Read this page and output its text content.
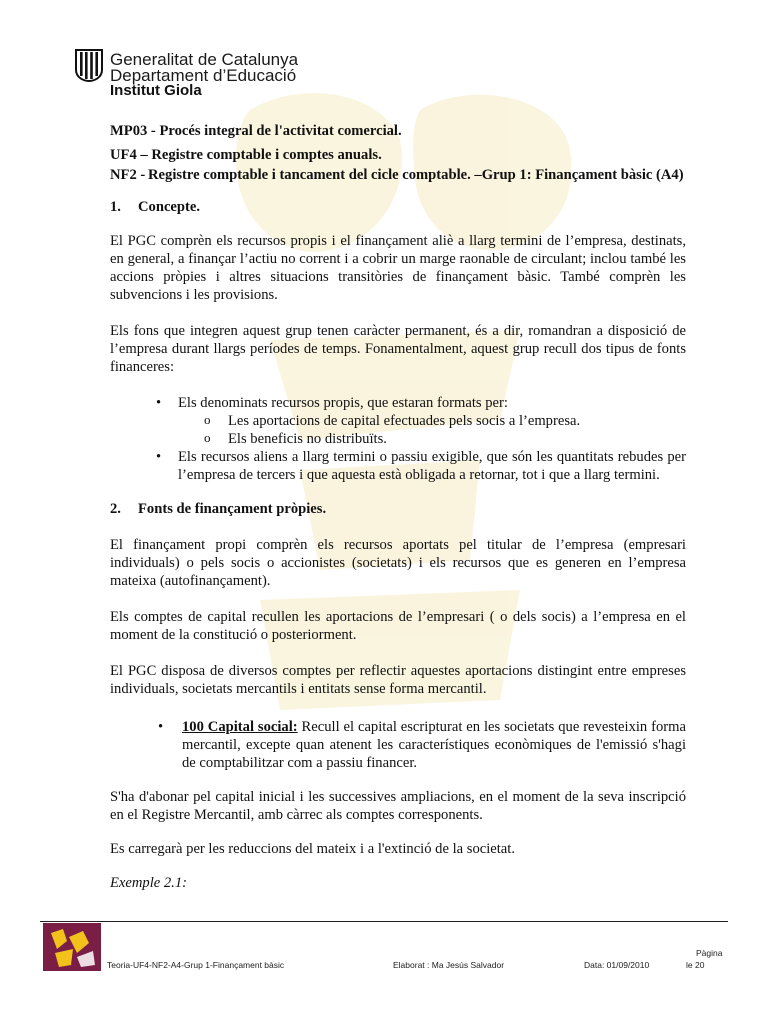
Generalitat de Catalunya
Departament d’Educació
Institut Giola

MP03 - Procés integral de l'activitat comercial.

UF4 – Registre comptable i comptes anuals.

NF2 - Registre comptable i tancament del cicle comptable. –Grup 1: Finançament bàsic (A4)
1.	Concepte.

El PGC comprèn els recursos propis i el finançament aliè a llarg termini de l’empresa, destinats, en general, a finançar l’actiu no corrent i a cobrir un marge raonable de circulant; inclou també les accions pròpies i altres situacions transitòries de finançament bàsic. També comprèn les subvencions i les provisions.

Els fons que integren aquest grup tenen caràcter permanent, és a dir, romandran a disposició de l’empresa durant llargs períodes de temps. Fonamentalment, aquest grup recull dos tipus de fonts financeres:

• Els denominats recursos propis, que estaran formats per:
o Les aportacions de capital efectuades pels socis a l’empresa.
o Els beneficis no distribuïts.
• Els recursos aliens a llarg termini o passiu exigible, que són les quantitats rebudes per l’empresa de tercers i que aquesta està obligada a retornar, tot i que a llarg termini.
2.	Fonts de finançament pròpies.

El finançament propi comprèn els recursos aportats pel titular de l’empresa (empresari individuals) o pels socis o accionistes (societats) i els recursos que es generen en l’empresa mateixa (autofinançament).

Els comptes de capital recullen les aportacions de l’empresari ( o dels socis) a l’empresa en el moment de la constitució o posteriorment.

El PGC disposa de diversos comptes per reflectir aquestes aportacions distingint entre empreses individuals, societats mercantils i entitats sense forma mercantil.

• 100 Capital social: Recull el capital escripturat en les societats que revesteixin forma mercantil, excepte quan atenent les característiques econòmiques de l'emissió s'hagi de comptabilitzar com a passiu financer.

S'ha d'abonar pel capital inicial i les successives ampliacions, en el moment de la seva inscripció en el Registre Mercantil, amb càrrec als comptes corresponents.

Es carregarà per les reduccions del mateix i a l'extinció de la societat.

Exemple 2.1:

Pàgina
Teoria-UF4-NF2-A4-Grup 1-Finançament bàsic	Elaborat : Ma Jesús Salvador	Data: 01/09/2010	le 20
